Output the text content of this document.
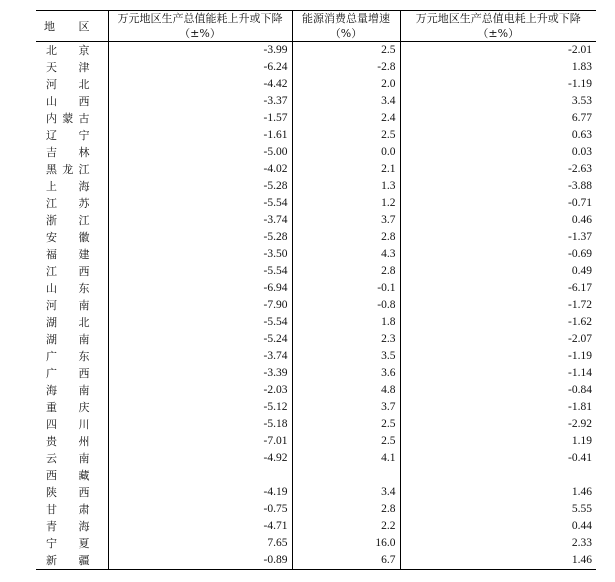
地 区	万元地区生产总值能耗上升或下降	能源消费总量增速	万元地区生产总值电耗上升或下降
	（±%）	（%）	（±%）
北京	-3.99	2.5	-2.01
天津	-6.24	-2.8	1.83
河北	-4.42	2.0	-1.19
山西	-3.37	3.4	3.53
内蒙古	-1.57	2.4	6.77
辽宁	-1.61	2.5	0.63
吉林	-5.00	0.0	0.03
黑龙江	-4.02	2.1	-2.63
上海	-5.28	1.3	-3.88
江苏	-5.54	1.2	-0.71
浙江	-3.74	3.7	0.46
安徽	-5.28	2.8	-1.37
福建	-3.50	4.3	-0.69
江西	-5.54	2.8	0.49
山东	-6.94	-0.1	-6.17
河南	-7.90	-0.8	-1.72
湖北	-5.54	1.8	-1.62
湖南	-5.24	2.3	-2.07
广东	-3.74	3.5	-1.19
广西	-3.39	3.6	-1.14
海南	-2.03	4.8	-0.84
重庆	-5.12	3.7	-1.81
四川	-5.18	2.5	-2.92
贵州	-7.01	2.5	1.19
云南	-4.92	4.1	-0.41
西藏			
陕西	-4.19	3.4	1.46
甘肃	-0.75	2.8	5.55
青海	-4.71	2.2	0.44
宁夏	7.65	16.0	2.33
新疆	-0.89	6.7	1.46
